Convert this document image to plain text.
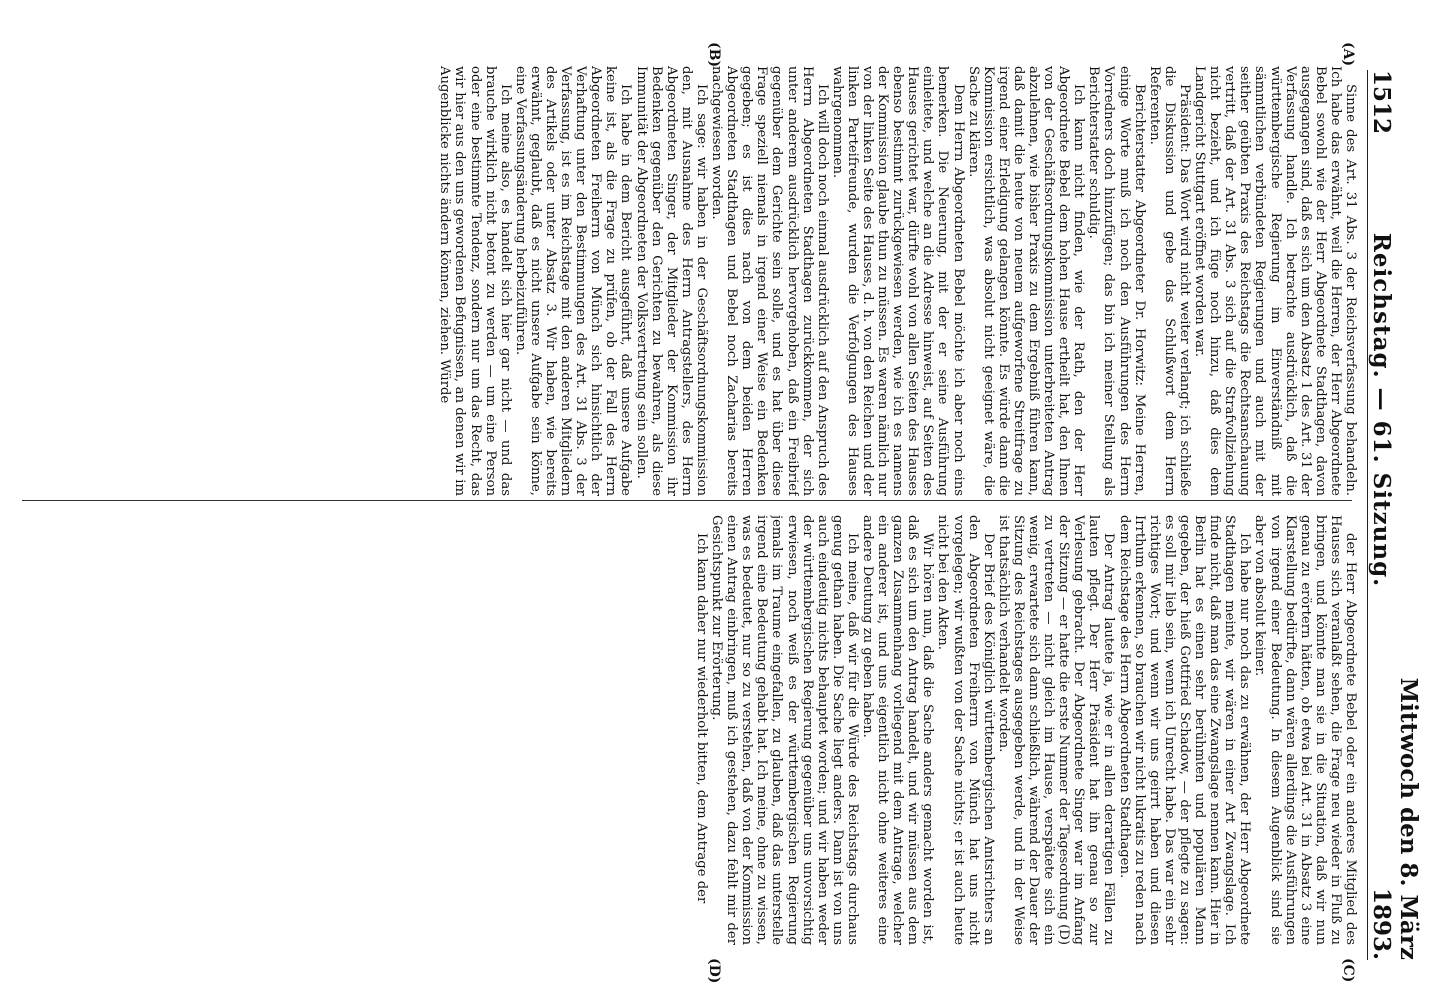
1512
Reichstag. — 61. Sitzung.
Mittwoch den 8. März 1893.
(A)
(B)
(C)
(D)

Sinne des Art. 31 Abs. 3 der Reichsverfassung behandeln. Ich habe das erwähnt, weil die Herren, der Herr Abgeordnete Bebel sowohl wie der Herr Abgeordnete Stadthagen, davon ausgegangen sind, daß es sich um den Absatz 1 des Art. 31 der Verfassung handle. Ich betrachte ausdrücklich, daß die württembergische Regierung im Einverständniß mit sämmtlichen verbündeten Regierungen und auch mit der seither geübten Praxis des Reichstags die Rechtsanschauung vertritt, daß der Art. 31 Abs. 3 sich auf die Strafvollziehung nicht bezieht, und ich füge noch hinzu, daß dies dem Landgericht Stuttgart eröffnet worden war.

Präsident: Das Wort wird nicht weiter verlangt; ich schließe die Diskussion und gebe das Schlußwort dem Herrn Referenten.

Berichterstatter Abgeordneter Dr. Horwitz: Meine Herren, einige Worte muß ich noch den Ausführungen des Herrn Vorredners doch hinzufügen; das bin ich meiner Stellung als Berichterstatter schuldig.

Ich kann nicht finden, wie der Rath, den der Herr Abgeordnete Bebel dem hohen Hause ertheilt hat, den Ihnen von der Geschäftsordnungskommission unterbreiteten Antrag abzulehnen, wie bisher Praxis zu dem Ergebniß führen kann, daß damit die heute von neuem aufgeworfene Streitfrage zu irgend einer Erledigung gelangen könnte. Es würde dann die Kommission ersichtlich, was absolut nicht geeignet wäre, die Sache zu klären.

Dem Herrn Abgeordneten Bebel möchte ich aber noch eins bemerken. Die Neuerung, mit der er seine Ausführung einleitete, und welche an die Adresse hinweist, auf Seiten des Hauses gerichtet war, dürfte wohl von allen Seiten des Hauses ebenso bestimmt zurückgewiesen werden, wie ich es namens der Kommission glaube thun zu müssen. Es waren nämlich nur von der linken Seite des Hauses, d. h. von den Reichen und der linken Parteifreunde, wurden die Verfolgungen des Hauses wahrgenommen.

Ich will doch noch einmal ausdrücklich auf den Anspruch des Herrn Abgeordneten Stadthagen zurückkommen, der sich unter anderem ausdrücklich hervorgehoben, daß ein Freibrief gegenüber dem Gerichte sein solle, und es hat über diese Frage speziell niemals in irgend einer Weise ein Bedenken gegeben; es ist dies nach von dem beiden Herren Abgeordneten Stadthagen und Bebel noch Zacharias bereits nachgewiesen worden.

Ich sage: wir haben in der Geschäftsordnungskommission den, mit Ausnahme des Herrn Antragstellers, des Herrn Abgeordneten Singer, der Mitglieder der Kommission ihr Bedenken gegenüber den Gerichten zu bewahren, als diese Immunität der Abgeordneten der Volksvertretung sein sollen.

Ich habe in dem Bericht ausgeführt, daß unsere Aufgabe keine ist, als die Frage zu prüfen, ob der Fall des Herrn Abgeordneten Freiherrn von Münch sich hinsichtlich der Verhaftung unter den Bestimmungen des Art. 31 Abs. 3 der Verfassung, ist es im Reichstage mit den anderen Mitgliedern des Artikels oder unter Absatz 3. Wir haben, wie bereits erwähnt, geglaubt, daß es nicht unsere Aufgabe sein könne, eine Verfassungsänderung herbeizuführen.

Ich meine also, es handelt sich hier gar nicht — und das brauche wirklich nicht betont zu werden — um eine Person oder eine bestimmte Tendenz, sondern nur um das Recht, das wir hier aus den uns gewordenen Befugnissen, an denen wir im Augenblicke nichts ändern können, ziehen. Würde

der Herr Abgeordnete Bebel oder ein anderes Mitglied des Hauses sich veranlaßt sehen, die Frage neu wieder in Fluß zu bringen, und könnte man sie in die Situation, daß wir nun genau zu erörtern hätten, ob etwa bei Art. 31 in Absatz 3 eine Klarstellung bedürfte, dann wären allerdings die Ausführungen von irgend einer Bedeutung. In diesem Augenblick sind sie aber von absolut keiner.

Ich habe nur noch das zu erwähnen, der Herr Abgeordnete Stadthagen meinte, wir wären in einer Art Zwangslage. Ich finde nicht, daß man das eine Zwangslage nennen kann. Hier in Berlin hat es einen sehr berühmten und populären Mann gegeben, der hieß Gottfried Schadow, — der pflegte zu sagen: es soll mir lieb sein, wenn ich Unrecht habe. Das war ein sehr richtiges Wort; und wenn wir uns geirrt haben und diesen Irrthum erkennen, so brauchen wir nicht lukratis zu reden nach dem Reichstage des Herrn Abgeordneten Stadthagen.

Der Antrag lautete ja, wie er in allen derartigen Fällen zu lauten pflegt. Der Herr Präsident hat ihn genau so zur Verlesung gebracht. Der Abgeordnete Singer war im Anfang der Sitzung — er hatte die erste Nummer der Tagesordnung (D) zu vertreten — nicht gleich im Hause, verspätete sich ein wenig, erwartete sich dann schließlich, während der Dauer der Sitzung des Reichstages ausgegeben werde, und in der Weise ist thatsächlich verhandelt worden.

Der Brief des Königlich württembergischen Amtsrichters an den Abgeordneten Freiherrn von Münch hat uns nicht vorgelegen; wir wußten von der Sache nichts; er ist auch heute nicht bei den Akten.

Wir hören nun, daß die Sache anders gemacht worden ist, daß es sich um den Antrag handelt, und wir müssen aus dem ganzen Zusammenhang vorliegend mit dem Antrage, welcher ein anderer ist, und uns eigentlich nicht ohne weiteres eine andere Deutung zu geben haben.

Ich meine, daß wir für die Würde des Reichstags durchaus genug gethan haben. Die Sache liegt anders. Dann ist von uns auch eindeutig nichts behauptet worden; und wir haben weder der württembergischen Regierung gegenüber uns unvorsichtig erwiesen, noch weiß es der württembergischen Regierung jemals im Traume eingefallen, zu glauben, daß das unterstelle irgend eine Bedeutung gehabt hat. Ich meine, ohne zu wissen, was es bedeutet, nur so zu verstehen, daß von der Kommission einen Antrag einbringen, muß ich gestehen, dazu fehlt mir der Gesichtspunkt zur Erörterung.

Ich kann daher nur wiederholt bitten, dem Antrage der
